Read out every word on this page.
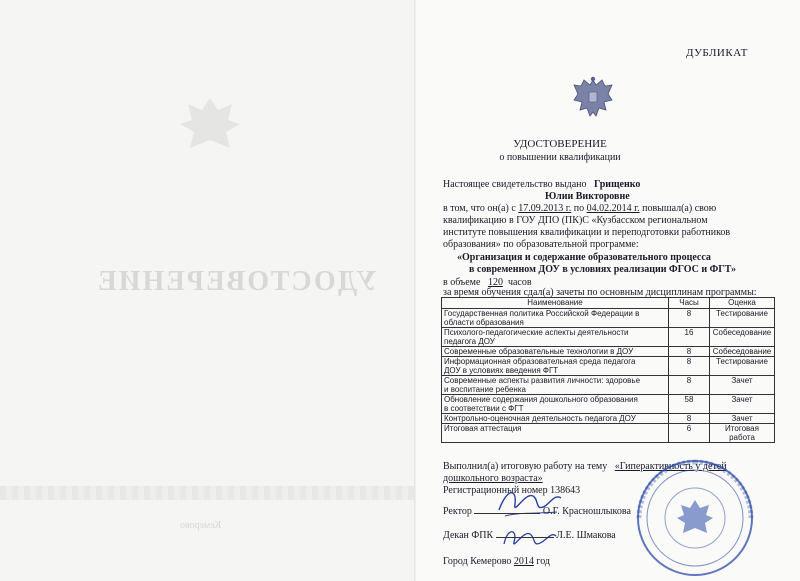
УДОСТОВЕРЕНИЕ
Кемерово
ДУБЛИКАТ
УДОСТОВЕРЕНИЕ
о повышении квалификации
Настоящее свидетельство выдано Грищенко
Юлии Викторовне
в том, что он(а) с 17.09.2013 г. по 04.02.2014 г. повышал(а) свою
квалификацию в ГОУ ДПО (ПК)С «Кузбасском региональном
институте повышения квалификации и переподготовки работников
образования» по образовательной программе:
«Организация и содержание образовательного процесса
в современном ДОУ в условиях реализации ФГОС и ФГТ»
в объеме 120 часов
за время обучения сдал(а) зачеты по основным дисциплинам программы:
Наименование	Часы	Оценка
Государственная политика Российской Федерации в
области образования	8	Тестирование
Психолого-педагогические аспекты деятельности
педагога ДОУ	16	Собеседование
Современные образовательные технологии в ДОУ	8	Собеседование
Информационная образовательная среда педагога
ДОУ в условиях введения ФГТ	8	Тестирование
Современные аспекты развития личности: здоровье
и воспитание ребенка	8	Зачет
Обновление содержания дошкольного образования
в соответствии с ФГТ	58	Зачет
Контрольно-оценочная деятельность педагога ДОУ	8	Зачет
Итоговая аттестация	6	Итоговая работа
Выполнил(а) итоговую работу на тему «Гиперактивность у детей
дошкольного возраста»
Регистрационный номер 138643
Ректор	О.Г. Красношлыкова
Декан ФПК	Л.Е. Шмакова
Город Кемерово 2014 год
